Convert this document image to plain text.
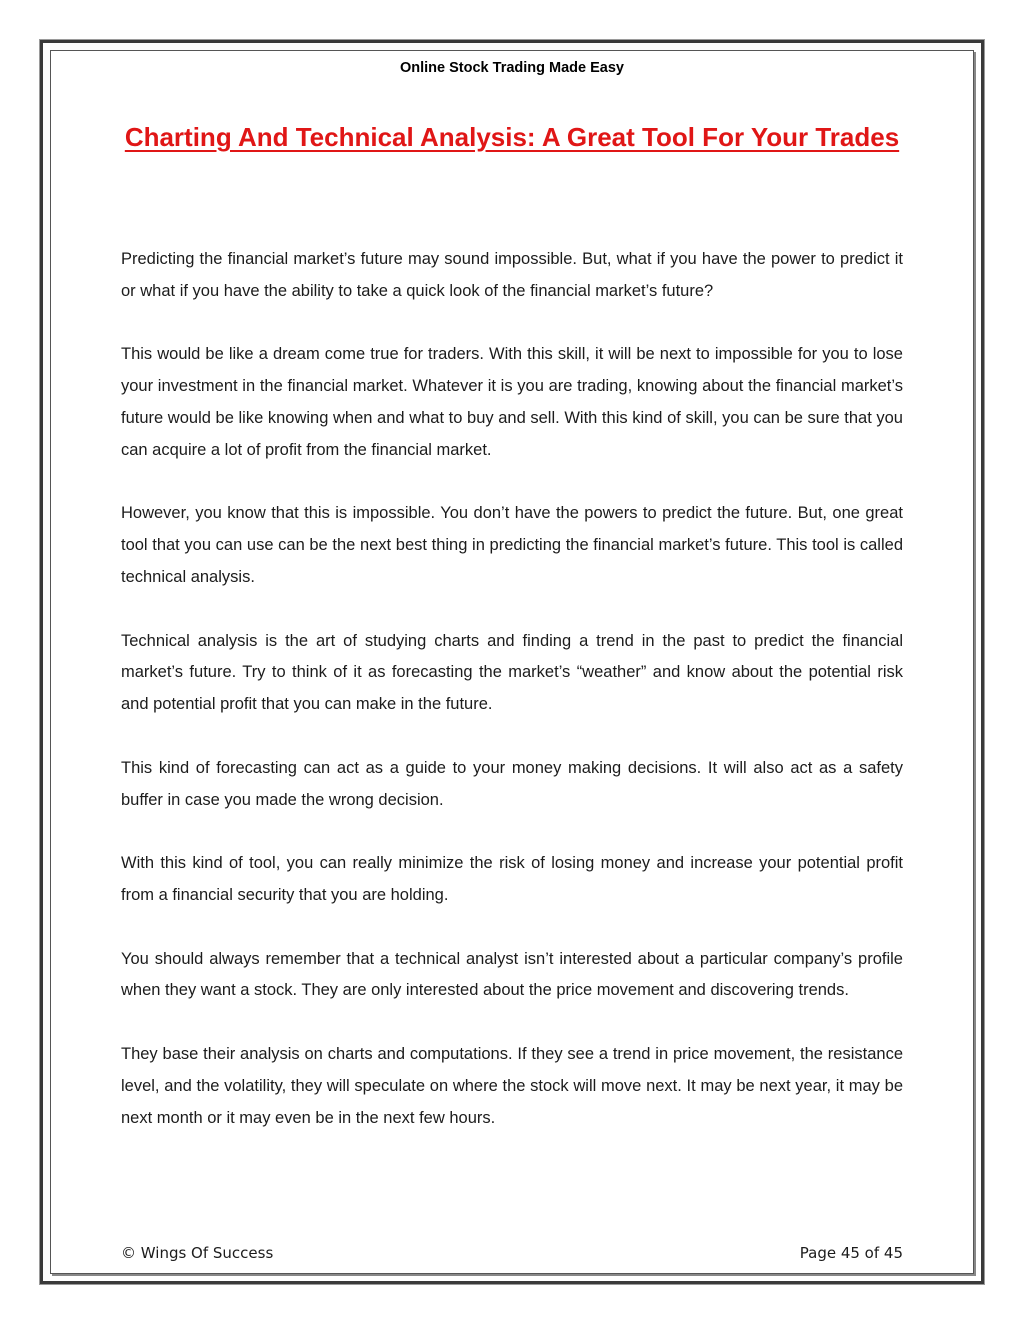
Online Stock Trading Made Easy
Charting And Technical Analysis: A Great Tool For Your Trades

Predicting the financial market’s future may sound impossible. But, what if you have the power to predict it or what if you have the ability to take a quick look of the financial market’s future?

This would be like a dream come true for traders. With this skill, it will be next to impossible for you to lose your investment in the financial market. Whatever it is you are trading, knowing about the financial market’s future would be like knowing when and what to buy and sell. With this kind of skill, you can be sure that you can acquire a lot of profit from the financial market.

However, you know that this is impossible. You don’t have the powers to predict the future. But, one great tool that you can use can be the next best thing in predicting the financial market’s future. This tool is called technical analysis.

Technical analysis is the art of studying charts and finding a trend in the past to predict the financial market’s future. Try to think of it as forecasting the market’s “weather” and know about the potential risk and potential profit that you can make in the future.

This kind of forecasting can act as a guide to your money making decisions. It will also act as a safety buffer in case you made the wrong decision.

With this kind of tool, you can really minimize the risk of losing money and increase your potential profit from a financial security that you are holding.

You should always remember that a technical analyst isn’t interested about a particular company’s profile when they want a stock. They are only interested about the price movement and discovering trends.

They base their analysis on charts and computations. If they see a trend in price movement, the resistance level, and the volatility, they will speculate on where the stock will move next. It may be next year, it may be next month or it may even be in the next few hours.

© Wings Of Success	Page 45 of 45
